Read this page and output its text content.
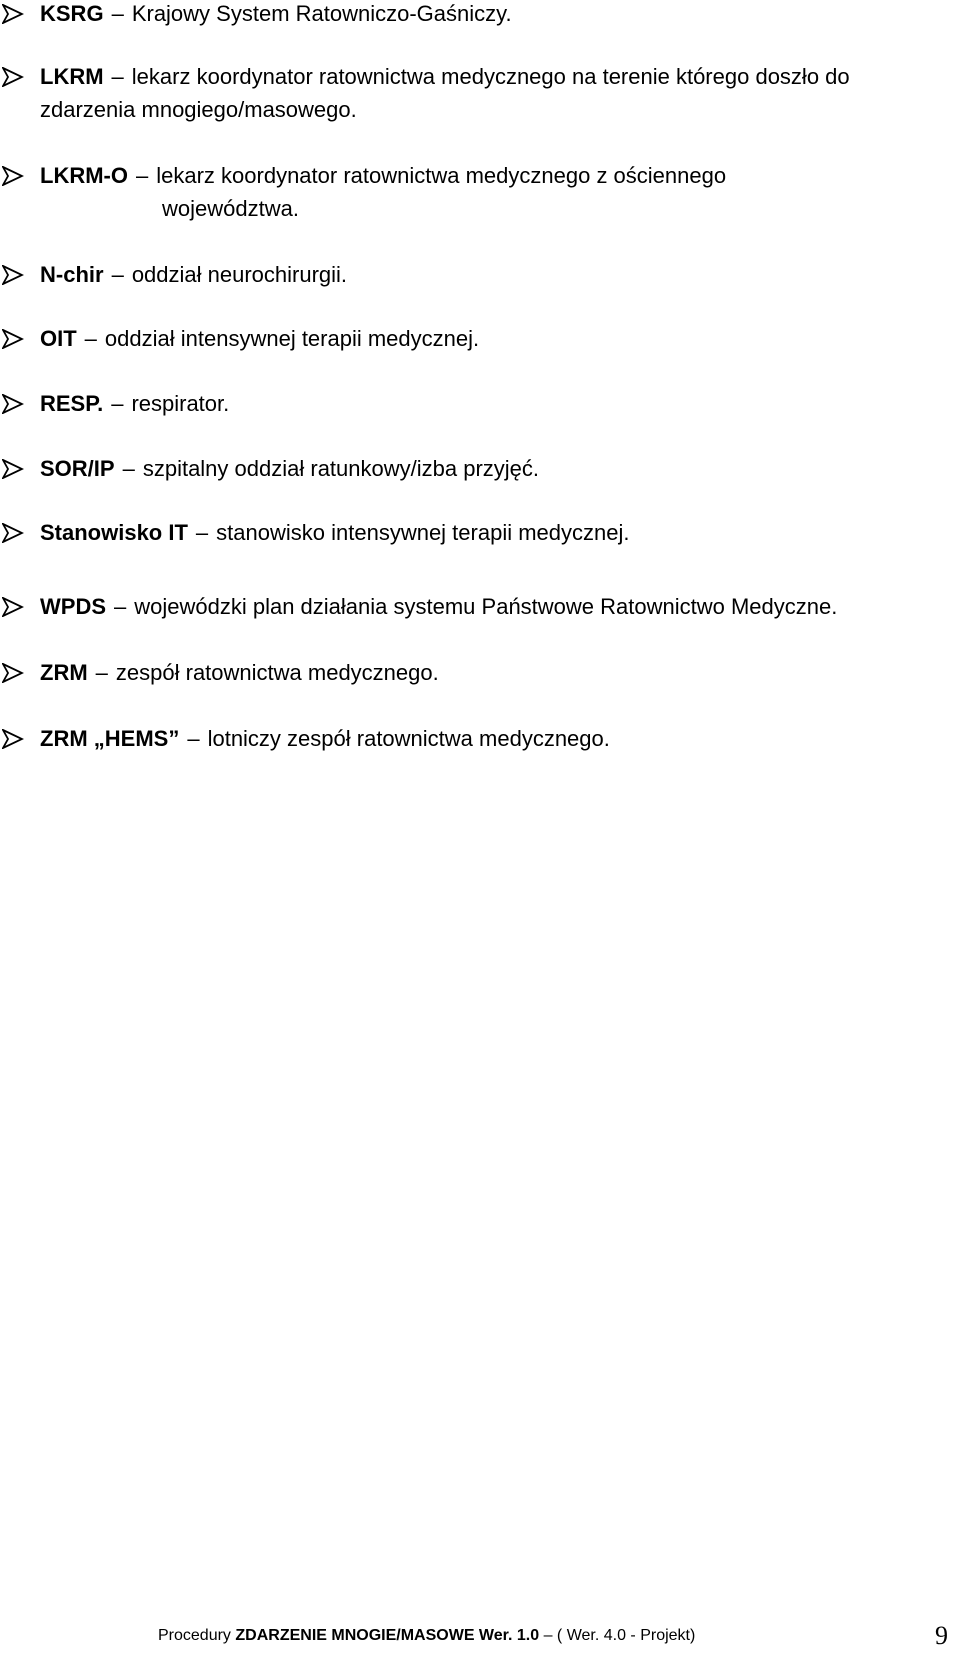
KSRG – Krajowy System Ratowniczo-Gaśniczy.
LKRM – lekarz koordynator ratownictwa medycznego na terenie którego doszło do
zdarzenia mnogiego/masowego.
LKRM-O – lekarz koordynator ratownictwa medycznego z ościennego
województwa.
N-chir – oddział neurochirurgii.
OIT – oddział intensywnej terapii medycznej.
RESP. – respirator.
SOR/IP – szpitalny oddział ratunkowy/izba przyjęć.
Stanowisko IT – stanowisko intensywnej terapii medycznej.
WPDS – wojewódzki plan działania systemu Państwowe Ratownictwo Medyczne.
ZRM – zespół ratownictwa medycznego.
ZRM „HEMS” – lotniczy zespół ratownictwa medycznego.
Procedury ZDARZENIE MNOGIE/MASOWE Wer. 1.0 – ( Wer. 4.0 - Projekt)	9
